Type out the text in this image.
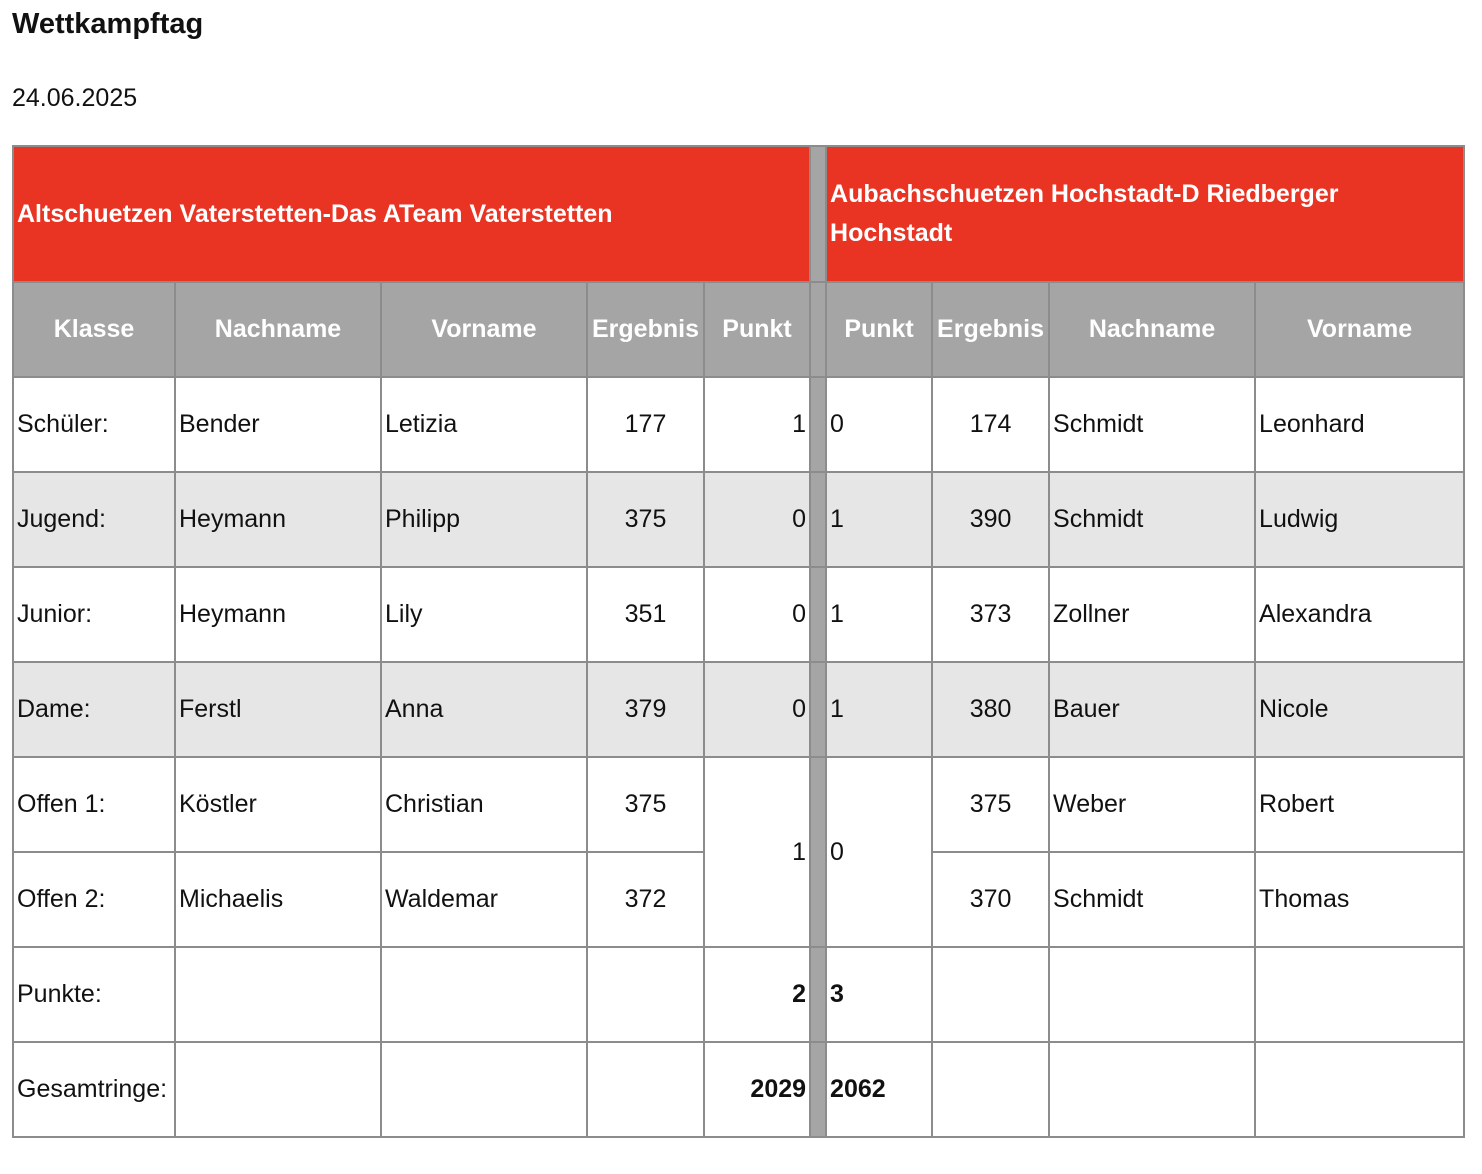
Wettkampftag

24.06.2025

Altschuetzen Vaterstetten-Das ATeam Vaterstetten						Aubachschuetzen Hochstadt-D Riedberger Hochstadt			
Klasse	Nachname	Vorname	Ergebnis	Punkt		Punkt	Ergebnis	Nachname	Vorname
Schüler:	Bender	Letizia	177	1		0	174	Schmidt	Leonhard
Jugend:	Heymann	Philipp	375	0		1	390	Schmidt	Ludwig
Junior:	Heymann	Lily	351	0		1	373	Zollner	Alexandra
Dame:	Ferstl	Anna	379	0		1	380	Bauer	Nicole
Offen 1:	Köstler	Christian	375	1		0	375	Weber	Robert
Offen 2:	Michaelis	Waldemar	372				370	Schmidt	Thomas
Punkte:				2		3			
Gesamtringe:				2029		2062			
